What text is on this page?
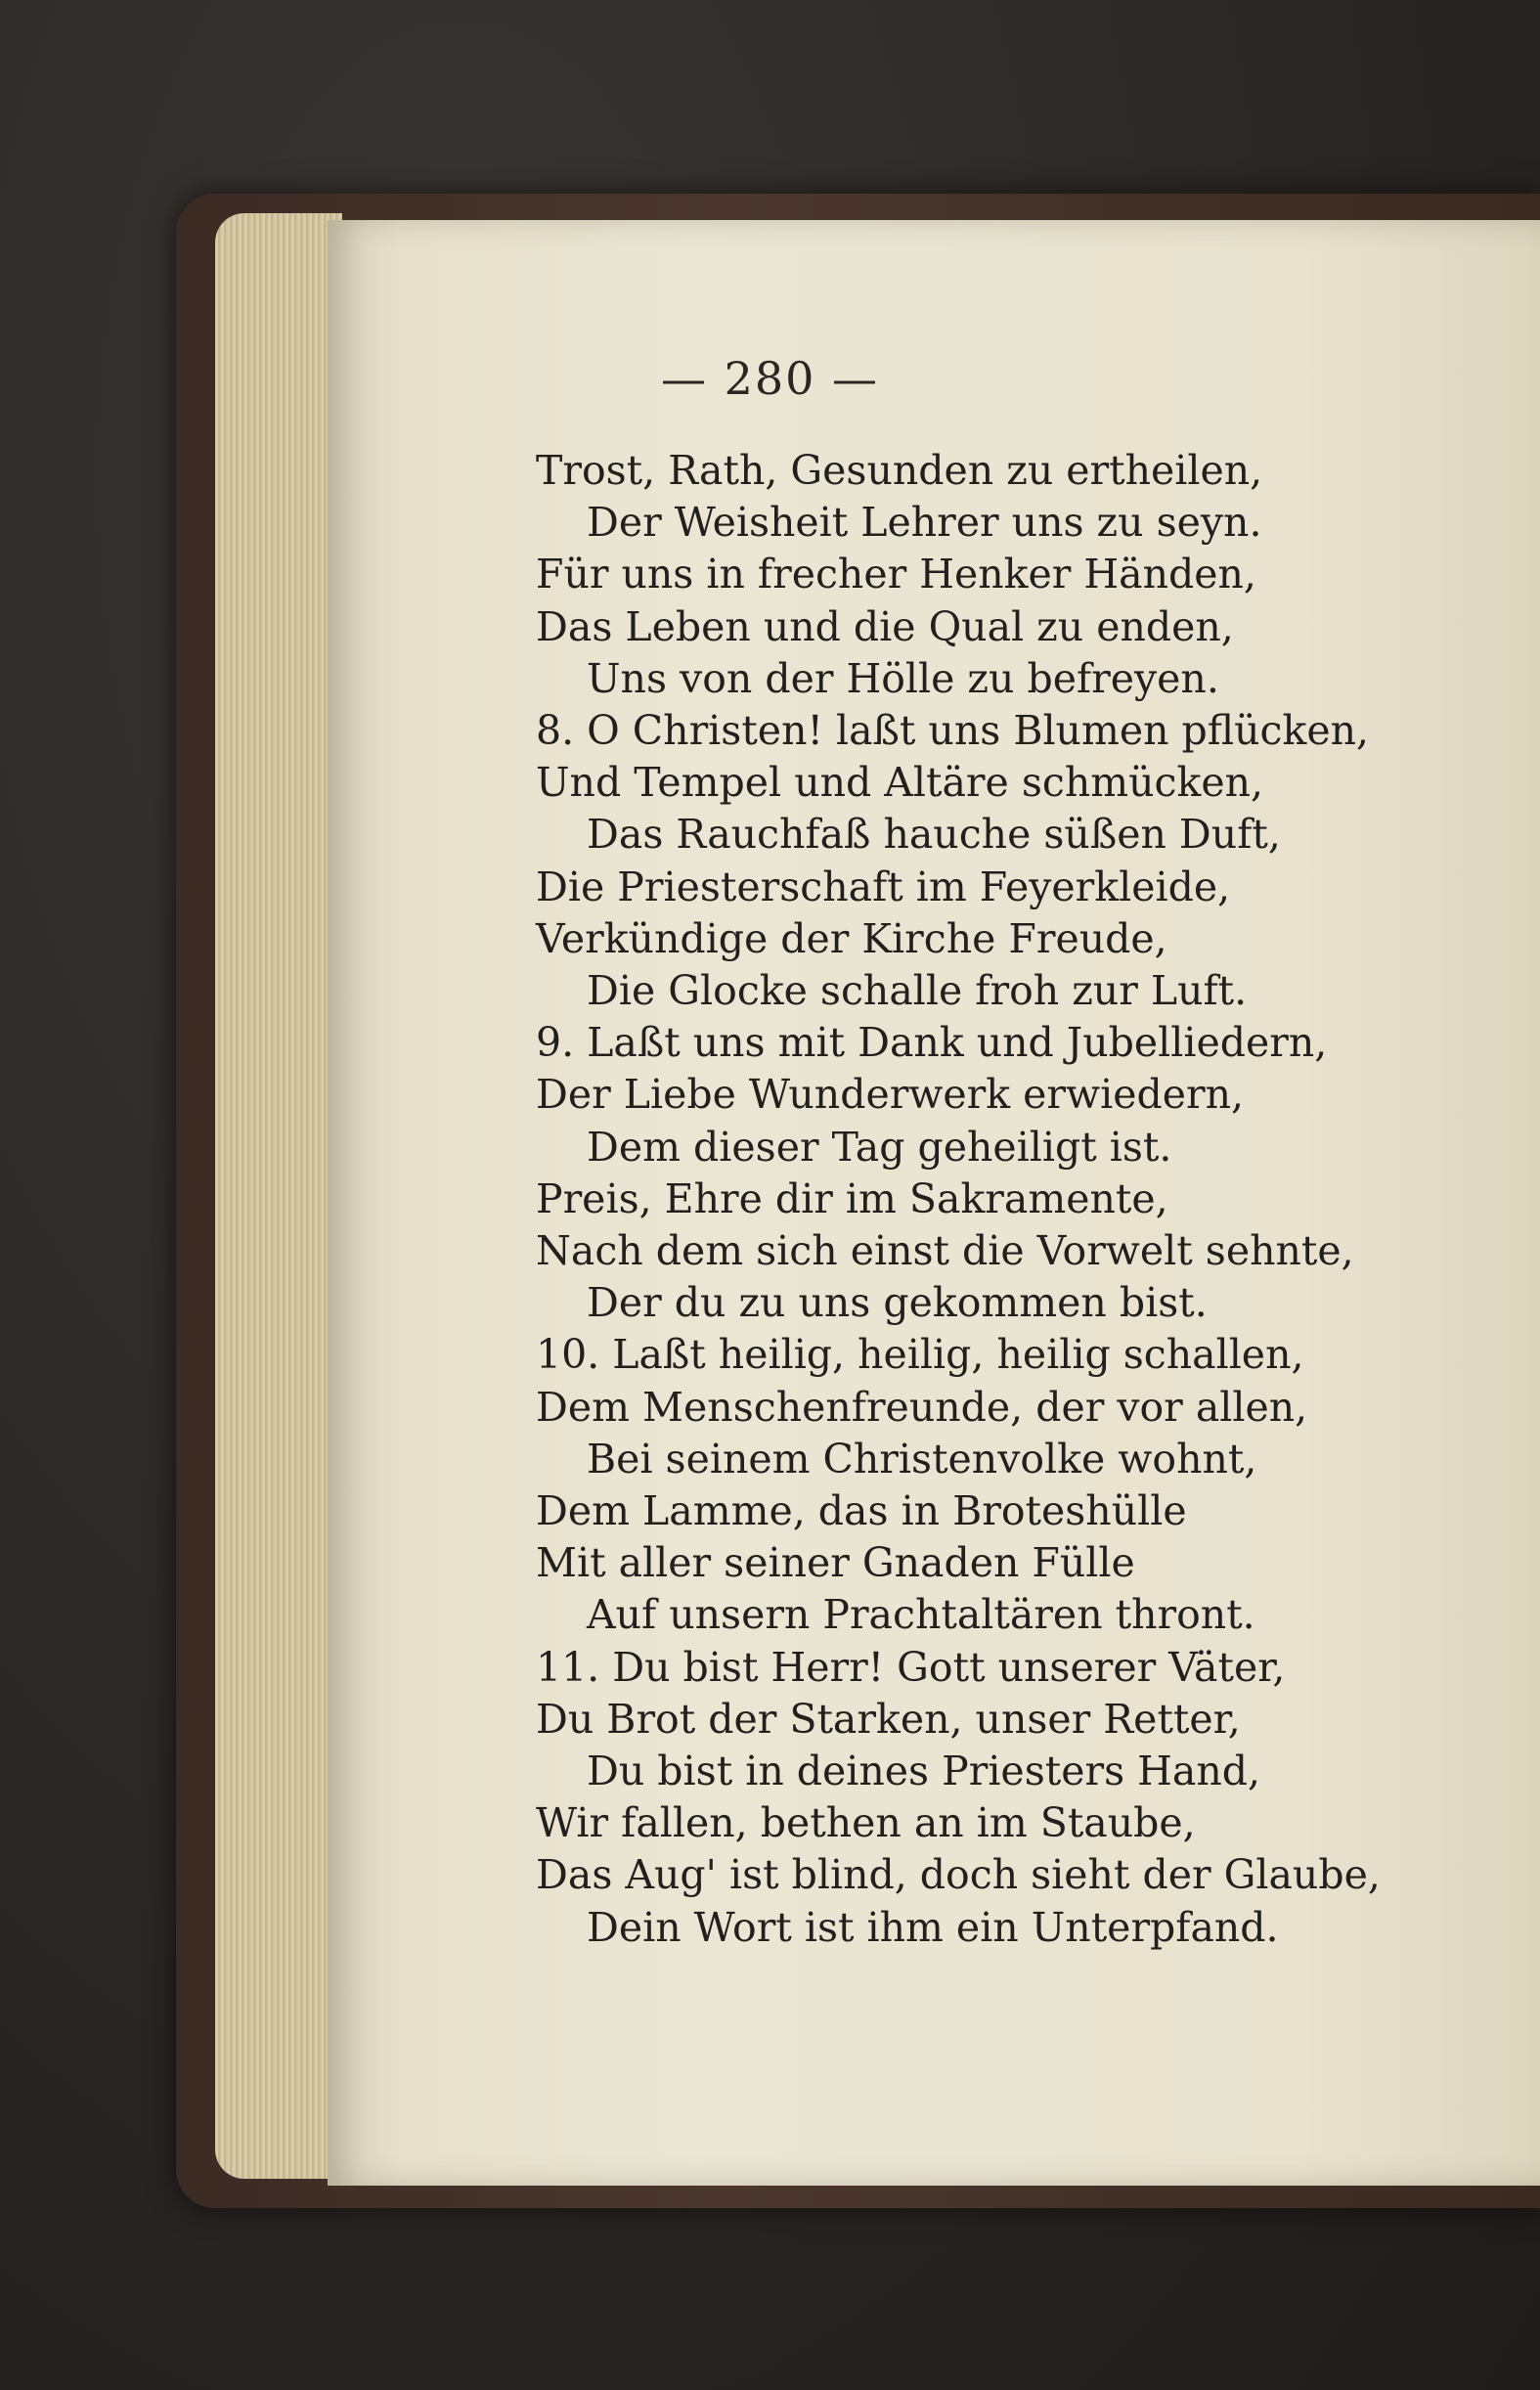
— 280 —
Trost, Rath, Gesunden zu ertheilen,
Der Weisheit Lehrer uns zu seyn.
Für uns in frecher Henker Händen,
Das Leben und die Qual zu enden,
Uns von der Hölle zu befreyen.
8. O Christen! laßt uns Blumen pflücken,
Und Tempel und Altäre schmücken,
Das Rauchfaß hauche süßen Duft,
Die Priesterschaft im Feyerkleide,
Verkündige der Kirche Freude,
Die Glocke schalle froh zur Luft.
9. Laßt uns mit Dank und Jubelliedern,
Der Liebe Wunderwerk erwiedern,
Dem dieser Tag geheiligt ist.
Preis, Ehre dir im Sakramente,
Nach dem sich einst die Vorwelt sehnte,
Der du zu uns gekommen bist.
10. Laßt heilig, heilig, heilig schallen,
Dem Menschenfreunde, der vor allen,
Bei seinem Christenvolke wohnt,
Dem Lamme, das in Broteshülle
Mit aller seiner Gnaden Fülle
Auf unsern Prachtaltären thront.
11. Du bist Herr! Gott unserer Väter,
Du Brot der Starken, unser Retter,
Du bist in deines Priesters Hand,
Wir fallen, bethen an im Staube,
Das Aug' ist blind, doch sieht der Glaube,
Dein Wort ist ihm ein Unterpfand.
